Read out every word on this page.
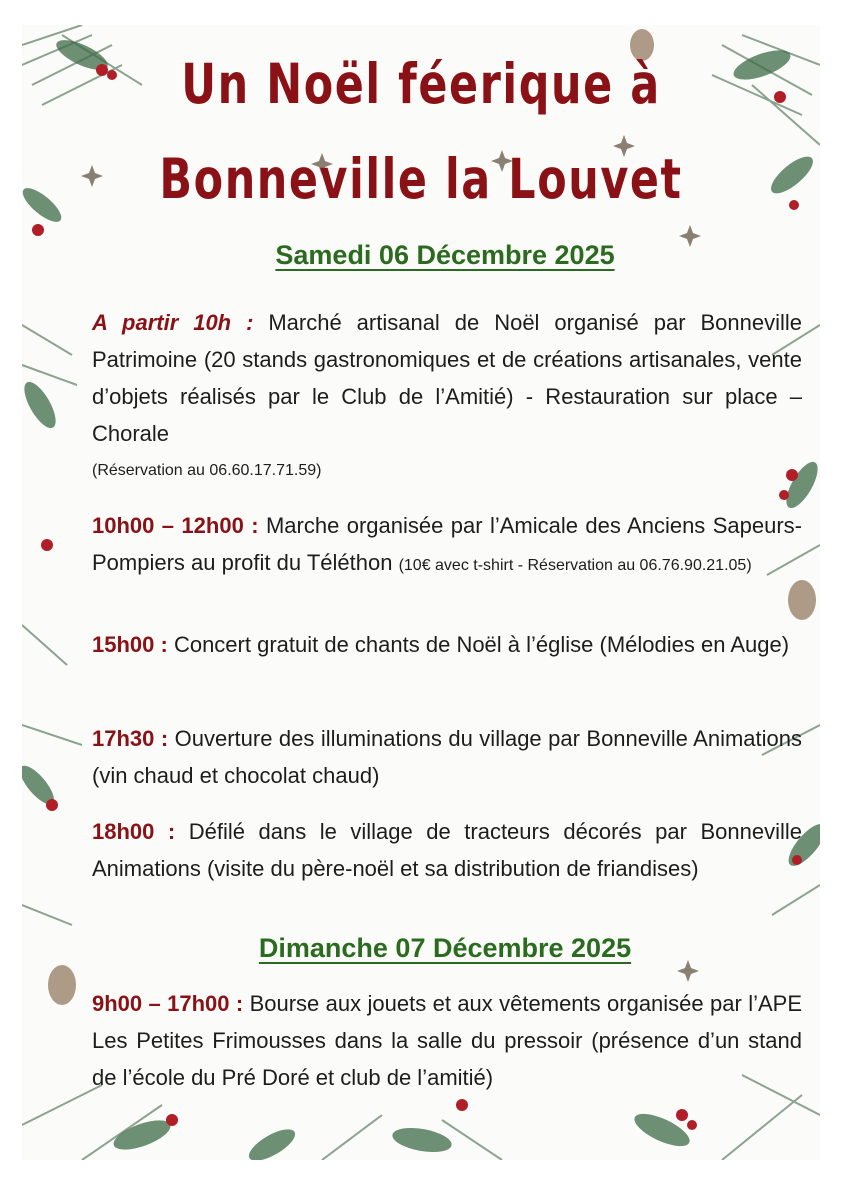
Un Noël féerique à
Bonneville la Louvet
Samedi 06 Décembre 2025

A partir 10h : Marché artisanal de Noël organisé par Bonneville Patrimoine (20 stands gastronomiques et de créations artisanales, vente d’objets réalisés par le Club de l’Amitié) - Restauration sur place – Chorale

(Réservation au 06.60.17.71.59)

10h00 – 12h00 : Marche organisée par l’Amicale des Anciens Sapeurs-Pompiers au profit du Téléthon (10€ avec t-shirt - Réservation au 06.76.90.21.05)

15h00 : Concert gratuit de chants de Noël à l’église (Mélodies en Auge)

17h30 : Ouverture des illuminations du village par Bonneville Animations (vin chaud et chocolat chaud)

18h00 : Défilé dans le village de tracteurs décorés par Bonneville Animations (visite du père-noël et sa distribution de friandises)

Dimanche 07 Décembre 2025

9h00 – 17h00 : Bourse aux jouets et aux vêtements organisée par l’APE Les Petites Frimousses dans la salle du pressoir (présence d’un stand de l’école du Pré Doré et club de l’amitié)
